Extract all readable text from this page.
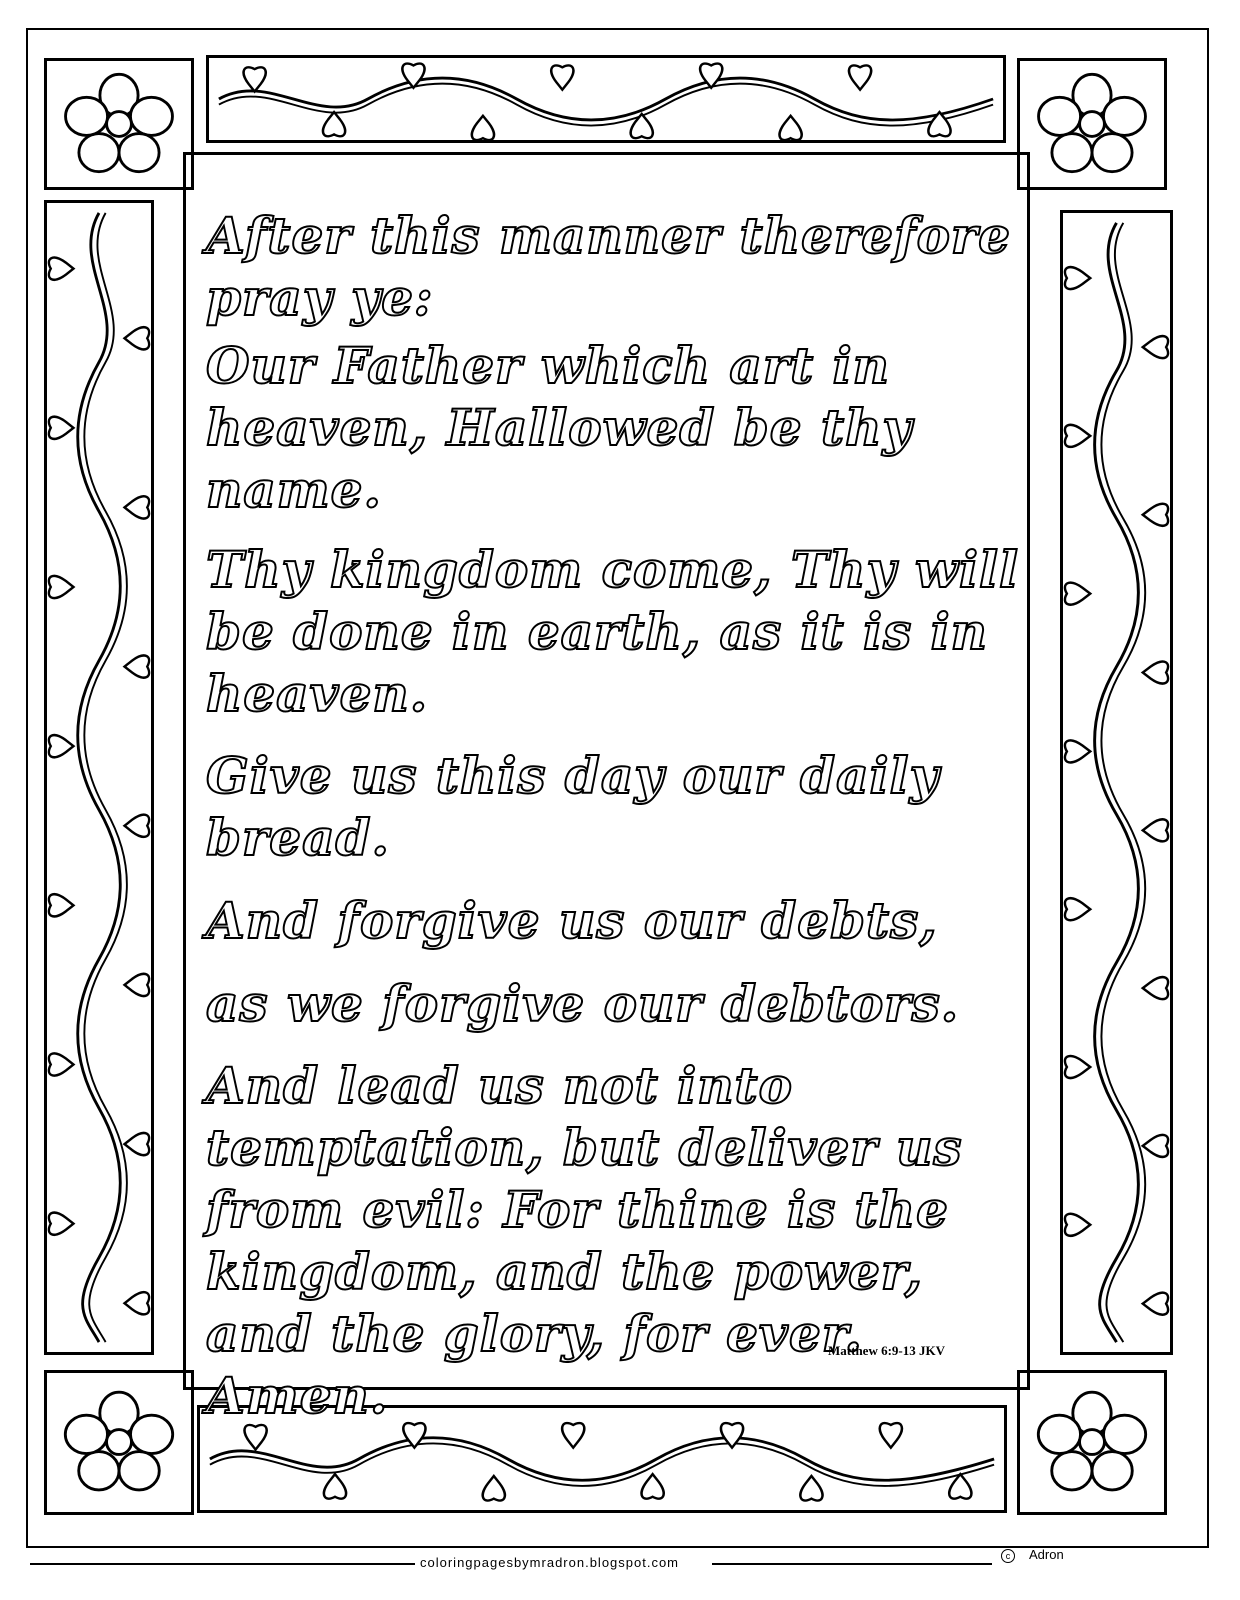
After this manner therefore pray ye:

Our Father which art in heaven, Hallowed be thy name.

Thy kingdom come, Thy will be done in earth, as it is in heaven.

Give us this day our daily bread.

And forgive us our debts,

as we forgive our debtors.

And lead us not into temptation, but deliver us from evil: For thine is the kingdom, and the power, and the glory, for ever. Amen.

Matthew 6:9-13 JKV
coloringpagesbymradron.blogspot.com	c Adron
